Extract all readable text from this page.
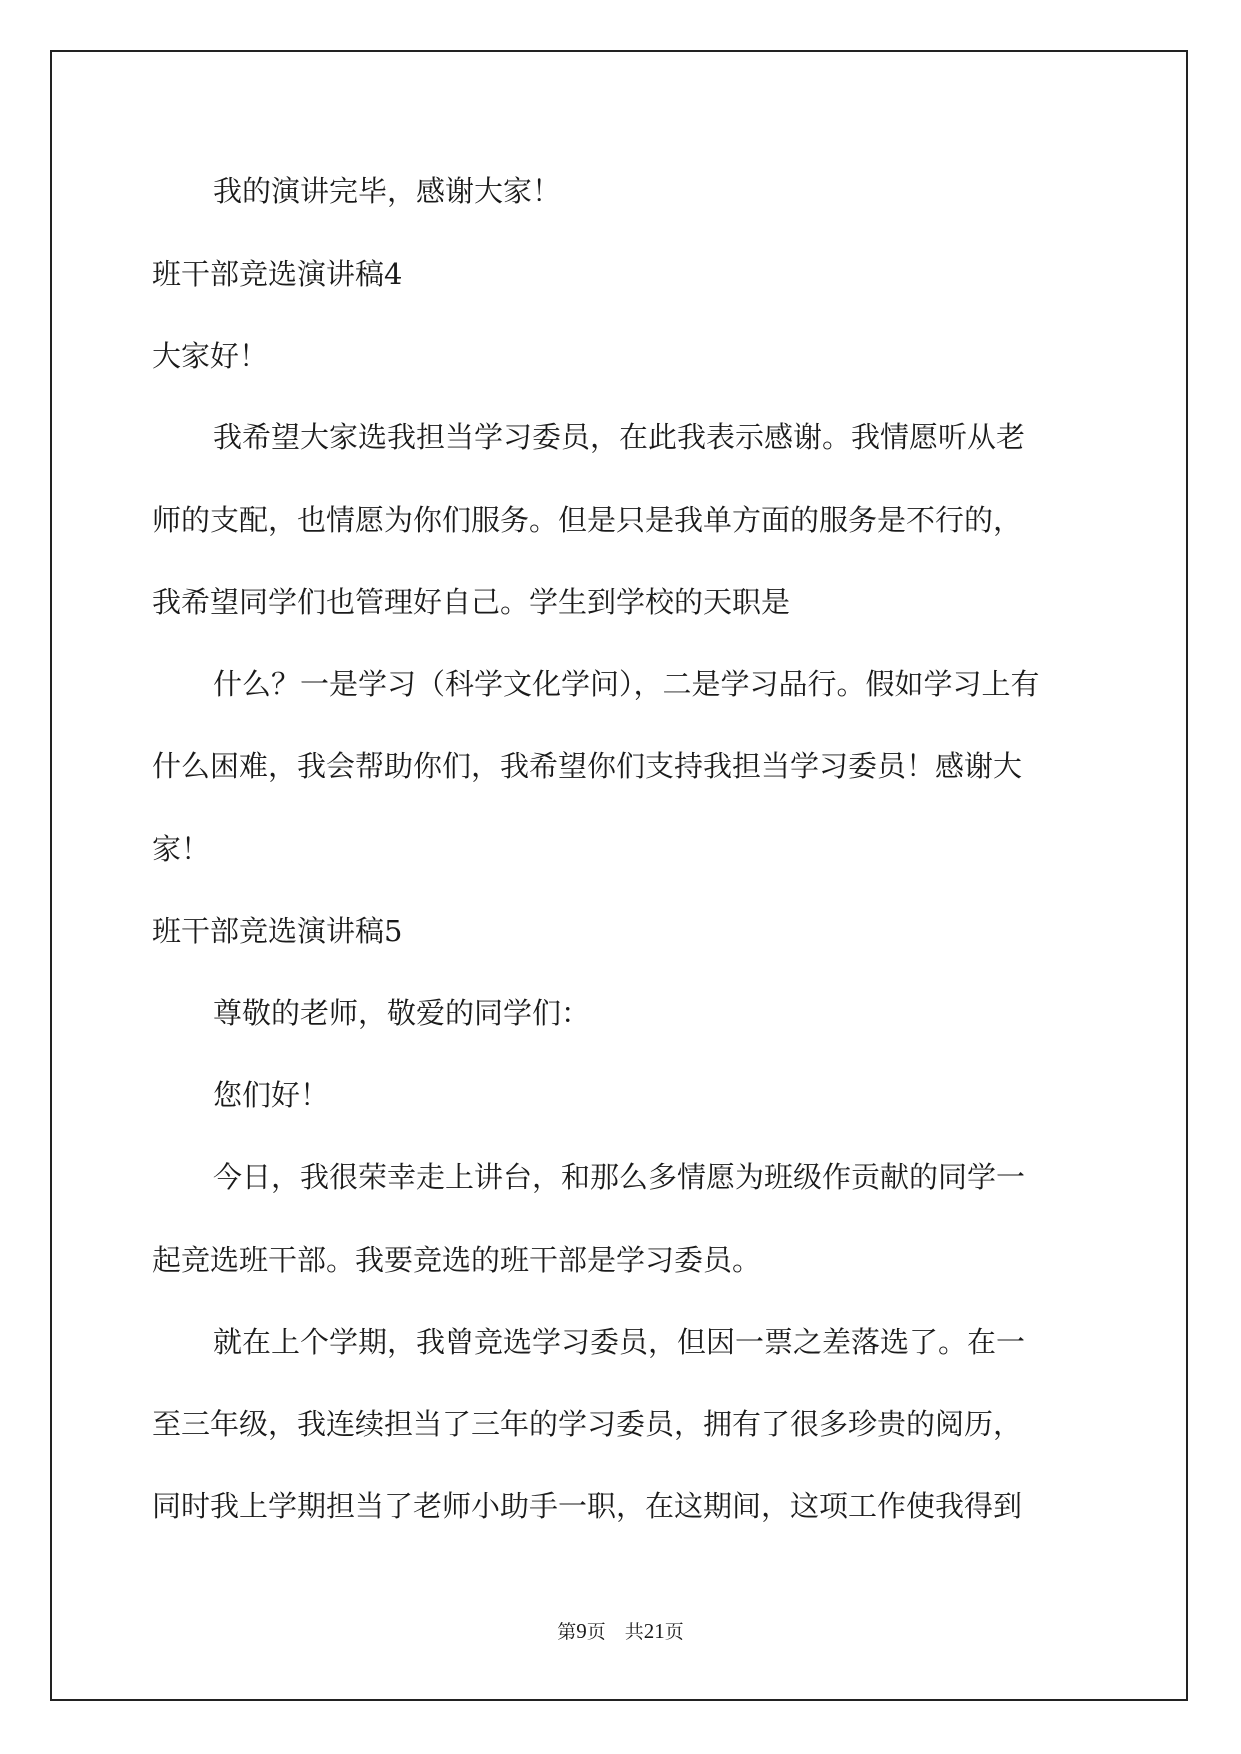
我的演讲完毕，感谢大家！

班干部竞选演讲稿4

大家好！

我希望大家选我担当学习委员，在此我表示感谢。我情愿听从老

师的支配，也情愿为你们服务。但是只是我单方面的服务是不行的，

我希望同学们也管理好自己。学生到学校的天职是

什么？一是学习（科学文化学问），二是学习品行。假如学习上有

什么困难，我会帮助你们，我希望你们支持我担当学习委员！感谢大

家！

班干部竞选演讲稿5

尊敬的老师，敬爱的同学们：

您们好！

今日，我很荣幸走上讲台，和那么多情愿为班级作贡献的同学一

起竞选班干部。我要竞选的班干部是学习委员。

就在上个学期，我曾竞选学习委员，但因一票之差落选了。在一

至三年级，我连续担当了三年的学习委员，拥有了很多珍贵的阅历，

同时我上学期担当了老师小助手一职，在这期间，这项工作使我得到

第9页　 共21页
